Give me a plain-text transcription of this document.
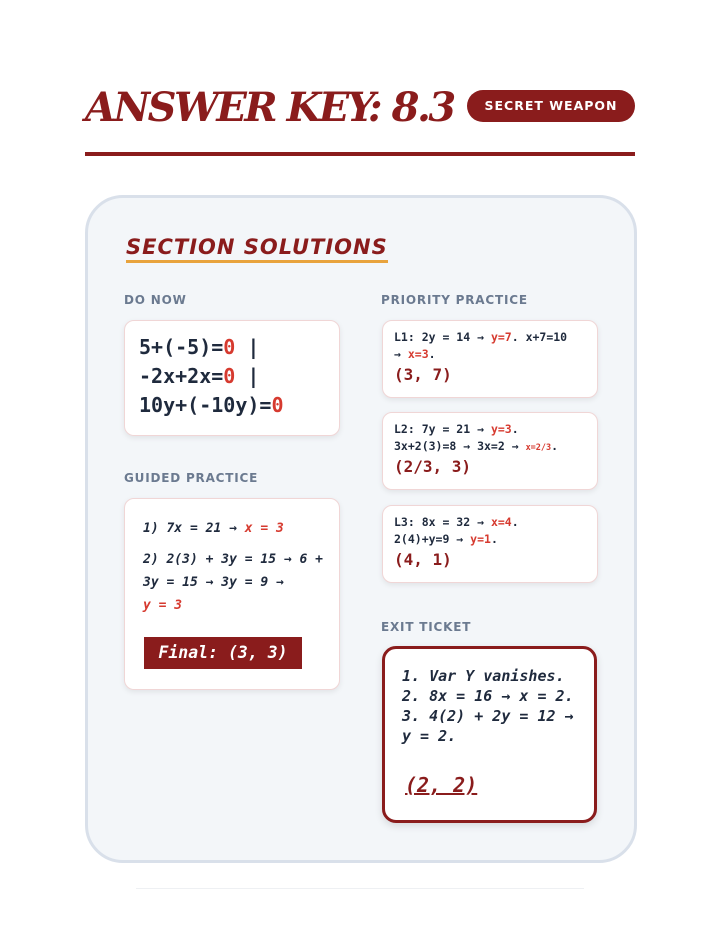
ANSWER KEY: 8.3	SECRET WEAPON
SECTION SOLUTIONS
DO NOW
5+(-5)=0 |
-2x+2x=0 |
10y+(-10y)=0
GUIDED PRACTICE
1) 7x = 21 → x = 3
2) 2(3) + 3y = 15 → 6 + 3y = 15 → 3y = 9 →
y = 3
Final: (3, 3)
PRIORITY PRACTICE
L1: 2y = 14 → y=7. x+7=10
→ x=3.
(3, 7)
L2: 7y = 21 → y=3.
3x+2(3)=8 → 3x=2 → x=2/3.
(2/3, 3)
L3: 8x = 32 → x=4.
2(4)+y=9 → y=1.
(4, 1)
EXIT TICKET
1. Var Y vanishes.
2. 8x = 16 → x = 2.
3. 4(2) + 2y = 12 → y = 2.
(2, 2)
